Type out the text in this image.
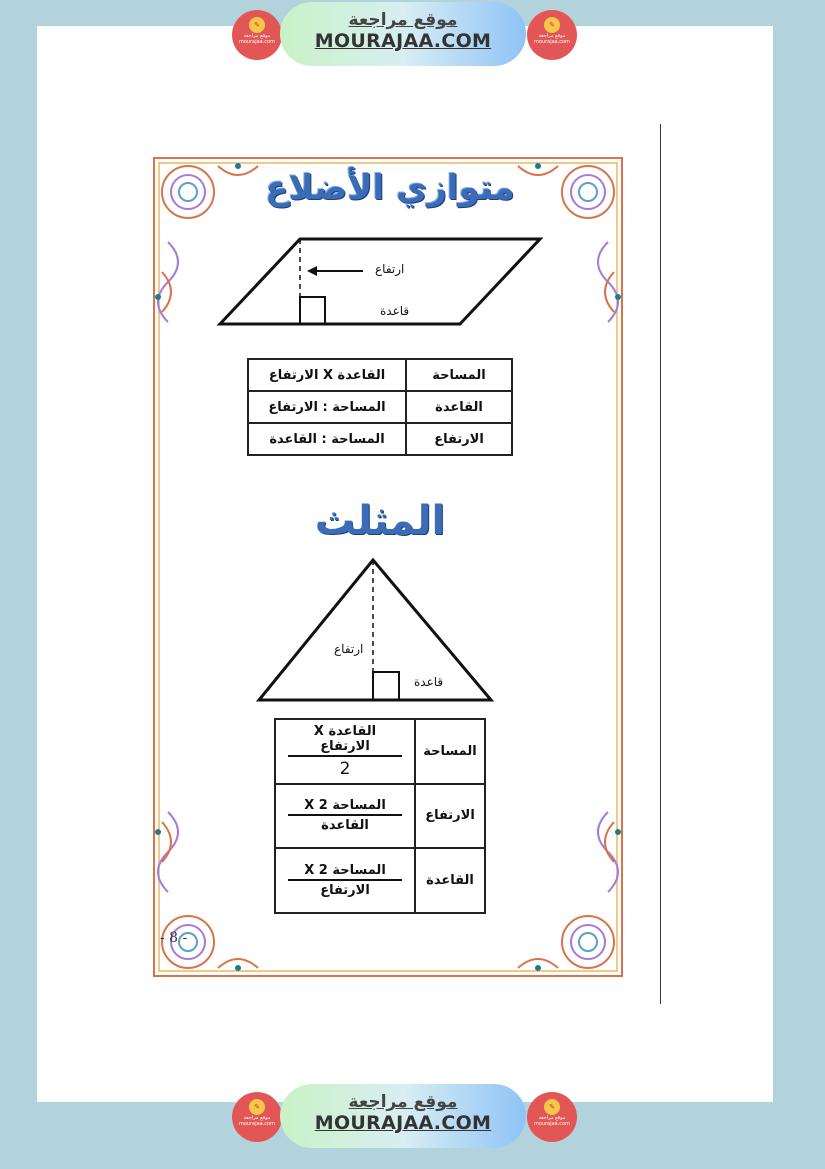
✎
موقع مراجعة
mourajaa.com
موقع مراجعة
MOURAJAA.COM
✎
موقع مراجعة
mourajaa.com
متوازي الأضلاع
ارتفاع
قاعدة
المساحة	القاعدة X الارتفاع
القاعدة	المساحة : الارتفاع
الارتفاع	المساحة : القاعدة
المثلث
ارتفاع
قاعدة
المساحة	القاعدة X الارتفاع
2

الارتفاع	المساحة X 2
القاعدة

القاعدة	المساحة X 2
الارتفاع
- 8 -
✎
موقع مراجعة
mourajaa.com
موقع مراجعة
MOURAJAA.COM
✎
موقع مراجعة
mourajaa.com
